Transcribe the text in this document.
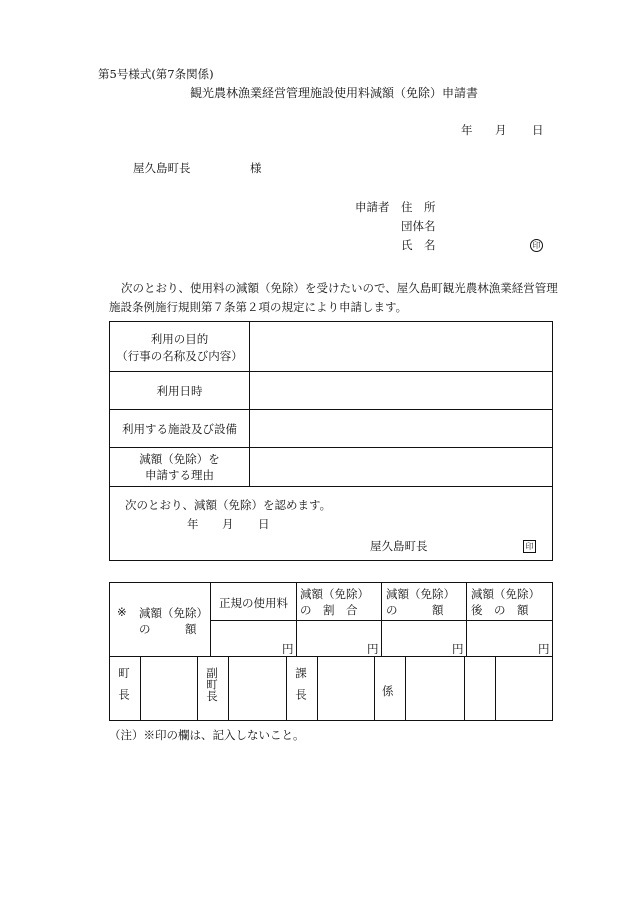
第5号様式(第7条関係)
観光農林漁業経営管理施設使用料減額（免除）申請書
年 月 日
屋久島町長	様
申請者 住　所
団体名
氏　名	印
次のとおり、使用料の減額（免除）を受けたいので、屋久島町観光農林漁業経営管理
施設条例施行規則第７条第２項の規定により申請します。
利用の目的
（行事の名称及び内容）
利用日時
利用する施設及び設備
減額（免除）を
申請する理由
次のとおり、減額（免除）を認めます。
年 月 日
屋久島町長	印
※ 減額（免除）
の　　　額
正規の使用料
減額（免除）
の　割　合
減額（免除）
の　　　額
減額（免除）
後　の　額
円	円	円	円
町長	副町長	課長	係
（注）※印の欄は、記入しないこと。
